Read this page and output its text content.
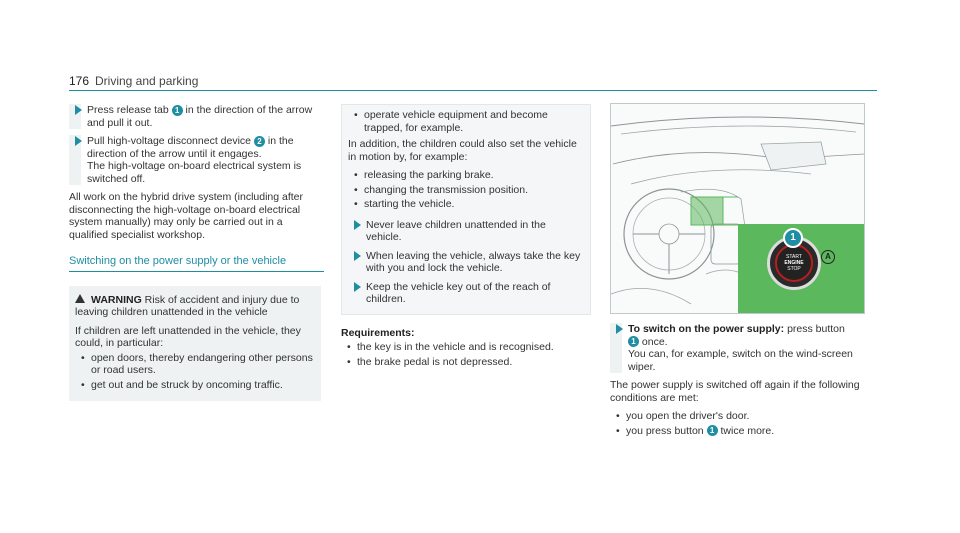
176 Driving and parking
Press release tab 1 in the direction of the arrow and pull it out.
Pull high-voltage disconnect device 2 in the direction of the arrow until it engages.
The high-voltage on-board electrical system is switched off.

All work on the hybrid drive system (including after disconnecting the high-voltage on-board electrical system manually) may only be carried out in a qualified specialist workshop.

Switching on the power supply or the vehicle
WARNING Risk of accident and injury due to leaving children unattended in the vehicle
If children are left unattended in the vehicle, they could, in particular:
• open doors, thereby endangering other persons or road users.
• get out and be struck by oncoming traffic.
• operate vehicle equipment and become trapped, for example.

In addition, the children could also set the vehicle in motion by, for example:

• releasing the parking brake.
• changing the transmission position.
• starting the vehicle.
Never leave children unattended in the vehicle.
When leaving the vehicle, always take the key with you and lock the vehicle.
Keep the vehicle key out of the reach of children.
Requirements:
• the key is in the vehicle and is recognised.
• the brake pedal is not depressed.
START
ENGINE
STOP
1
A
To switch on the power supply: press button
1 once.
You can, for example, switch on the wind-screen wiper.

The power supply is switched off again if the following conditions are met:

• you open the driver's door.
• you press button 1 twice more.
